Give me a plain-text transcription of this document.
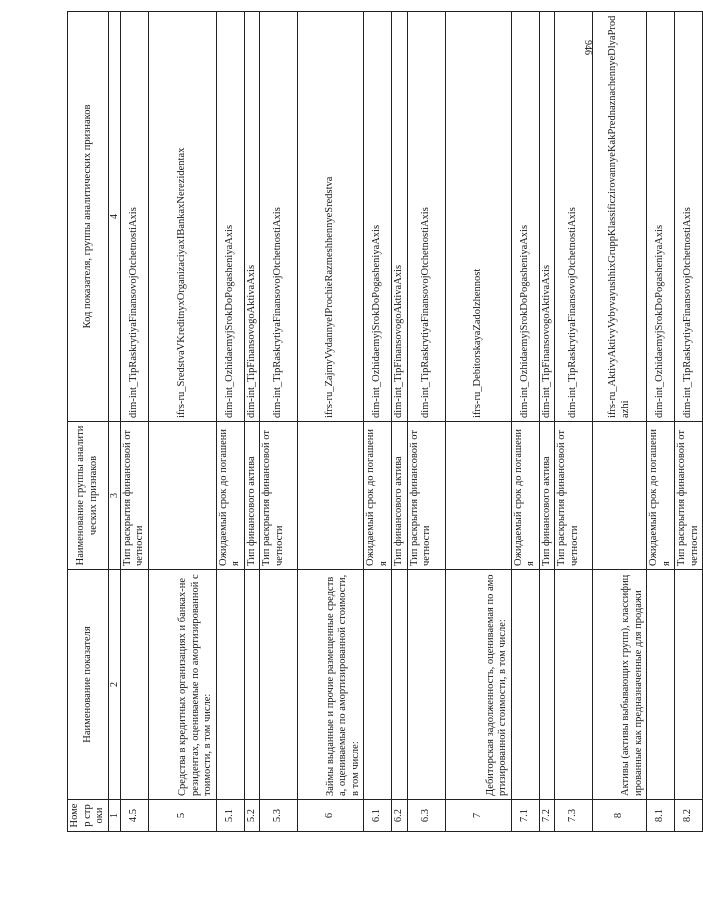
946
Номер строки	Наименование показателя	Наименование группы аналитических признаков	Код показателя, группы аналитических признаков
1	2	3	4
4.5		Тип раскрытия финансовой отчетности	dim-int_TipRaskrytiyaFinansovojOtchetnostiAxis
5	Средства в кредитных организациях и банках-нерезидентах, оцениваемые по амортизированной стоимости, в том числе:		ifrs-ru_SredstvaVKreditnyxOrganizaciyaxIBankaxNerezidentax
5.1		Ожидаемый срок до погашения	dim-int_OzhidaemyjSrokDoPogasheniyaAxis
5.2		Тип финансового актива	dim-int_TipFinansovogoAktivaAxis
5.3		Тип раскрытия финансовой отчетности	dim-int_TipRaskrytiyaFinansovojOtchetnostiAxis
6	Займы выданные и прочие размещенные средства, оцениваемые по амортизированной стоимости, в том числе:		ifrs-ru_ZajmyVydannyeIProchieRazmeshhennyeSredstva
6.1		Ожидаемый срок до погашения	dim-int_OzhidaemyjSrokDoPogasheniyaAxis
6.2		Тип финансового актива	dim-int_TipFinansovogoAktivaAxis
6.3		Тип раскрытия финансовой отчетности	dim-int_TipRaskrytiyaFinansovojOtchetnostiAxis
7	Дебиторская задолженность, оцениваемая по амортизированной стоимости, в том числе:		ifrs-ru_DebitorskayaZadolzhennost
7.1		Ожидаемый срок до погашения	dim-int_OzhidaemyjSrokDoPogasheniyaAxis
7.2		Тип финансового актива	dim-int_TipFinansovogoAktivaAxis
7.3		Тип раскрытия финансовой отчетности	dim-int_TipRaskrytiyaFinansovojOtchetnostiAxis
8	Активы (активы выбывающих групп), классифицированные как предназначенные для продажи		ifrs-ru_AktivyAktivyVybyvayushhixGruppKlassificzirovannyeKakPrednaznachennyeDlyaProdazhi
8.1		Ожидаемый срок до погашения	dim-int_OzhidaemyjSrokDoPogasheniyaAxis
8.2		Тип раскрытия финансовой отчетности	dim-int_TipRaskrytiyaFinansovojOtchetnostiAxis
